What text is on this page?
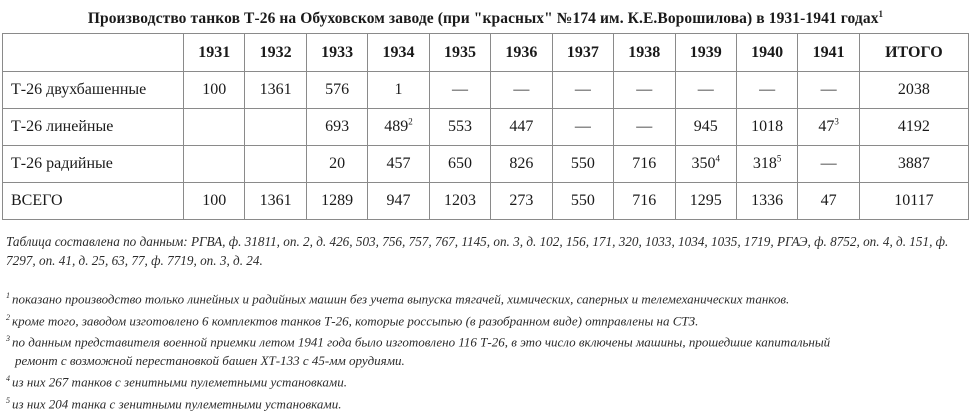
Производство танков Т-26 на Обуховском заводе (при "красных" №174 им. К.Е.Ворошилова) в 1931-1941 годах$^1$
	1931	1932	1933	1934	1935	1936	1937	1938	1939	1940	1941	ИТОГО
Т-26 двухбашенные	100	1361	576	1	—	—	—	—	—	—	—	2038
Т-26 линейные			693	$489^2$	553	447	—	—	945	1018	$47^3$	4192
Т-26 радийные			20	457	650	826	550	716	$350^4$	$318^5$	—	3887
ВСЕГО	100	1361	1289	947	1203	273	550	716	1295	1336	47	10117
Таблица составлена по данным: РГВА, ф. 31811, оп. 2, д. 426, 503, 756, 757, 767, 1145, оп. 3, д. 102, 156, 171, 320, 1033, 1034, 1035, 1719, РГАЭ, ф. 8752, оп. 4, д. 151, ф. 7297, оп. 41, д. 25, 63, 77, ф. 7719, оп. 3, д. 24.
$^1$ показано производство только линейных и радийных машин без учета выпуска тягачей, химических, саперных и телемеханических танков.
$^2$ кроме того, заводом изготовлено 6 комплектов танков Т-26, которые россыпью (в разобранном виде) отправлены на СТЗ.
$^3$ по данным представителя военной приемки летом 1941 года было изготовлено 116 Т-26, в это число включены машины, прошедшие капитальный
ремонт с возможной перестановкой башен ХТ-133 с 45-мм орудиями.
$^4$ из них 267 танков с зенитными пулеметными установками.
$^5$ из них 204 танка с зенитными пулеметными установками.
